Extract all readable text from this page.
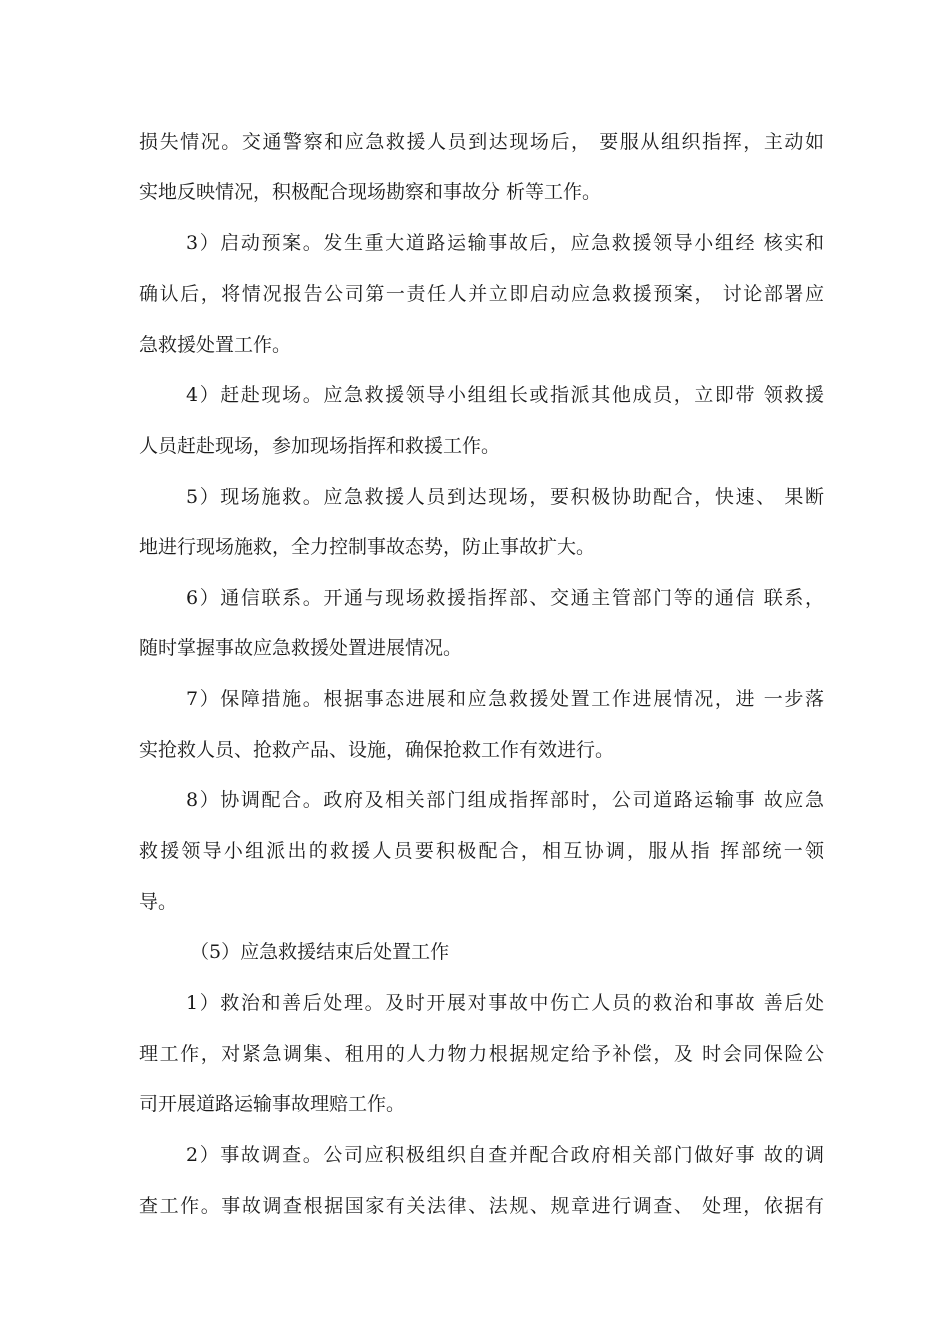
损失情况。交通警察和应急救援人员到达现场后， 要服从组织指挥，主动如
实地反映情况，积极配合现场勘察和事故分 析等工作。
3）启动预案。发生重大道路运输事故后，应急救援领导小组经 核实和
确认后，将情况报告公司第一责任人并立即启动应急救援预案， 讨论部署应
急救援处置工作。
4）赶赴现场。应急救援领导小组组长或指派其他成员，立即带 领救援
人员赶赴现场，参加现场指挥和救援工作。
5）现场施救。应急救援人员到达现场，要积极协助配合，快速、 果断
地进行现场施救，全力控制事故态势，防止事故扩大。
6）通信联系。开通与现场救援指挥部、交通主管部门等的通信 联系，
随时掌握事故应急救援处置进展情况。
7）保障措施。根据事态进展和应急救援处置工作进展情况，进 一步落
实抢救人员、抢救产品、设施，确保抢救工作有效进行。
8）协调配合。政府及相关部门组成指挥部时，公司道路运输事 故应急
救援领导小组派出的救援人员要积极配合，相互协调，服从指 挥部统一领
导。
（5）应急救援结束后处置工作
1）救治和善后处理。及时开展对事故中伤亡人员的救治和事故 善后处
理工作，对紧急调集、租用的人力物力根据规定给予补偿，及 时会同保险公
司开展道路运输事故理赔工作。
2）事故调查。公司应积极组织自查并配合政府相关部门做好事 故的调
查工作。事故调查根据国家有关法律、法规、规章进行调查、 处理，依据有
